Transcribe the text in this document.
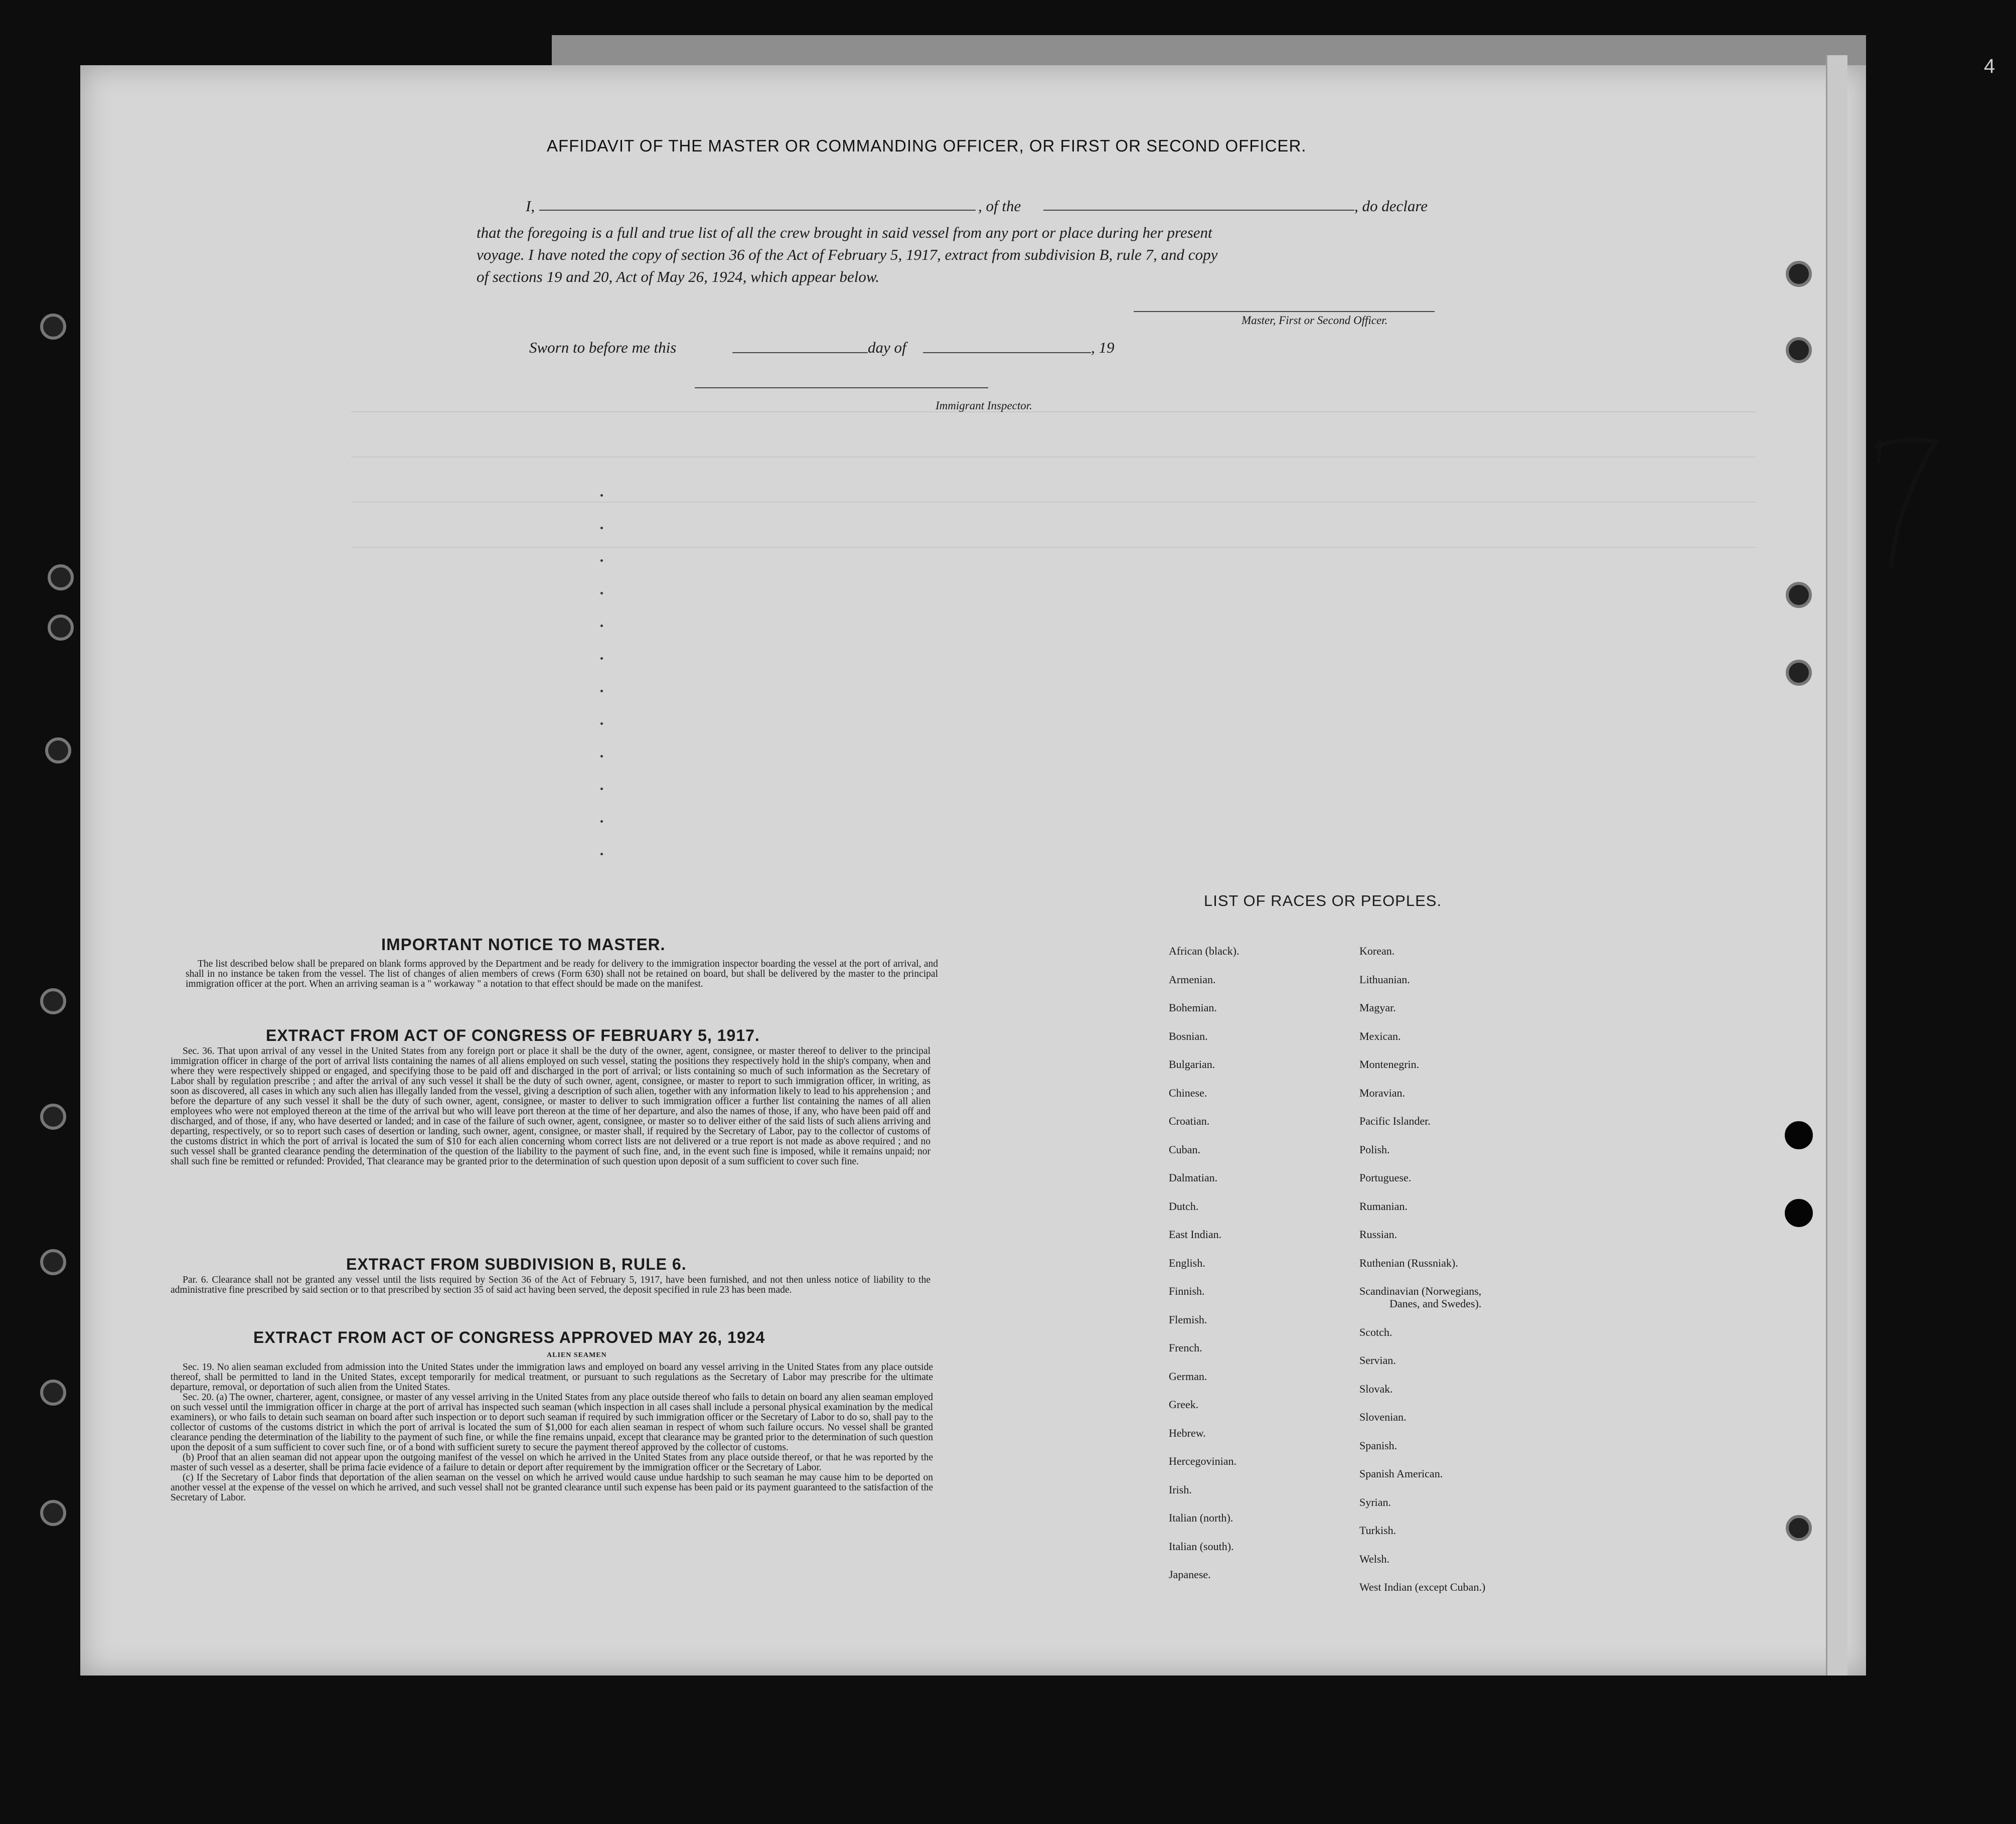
AFFIDAVIT OF THE MASTER OR COMMANDING OFFICER, OR FIRST OR SECOND OFFICER.
I,	, of the	, do declare
that the foregoing is a full and true list of all the crew brought in said vessel from any port or place during her present
voyage. I have noted the copy of section 36 of the Act of February 5, 1917, extract from subdivision B, rule 7, and copy
of sections 19 and 20, Act of May 26, 1924, which appear below.
Master, First or Second Officer.
Sworn to before me this	day of	, 19
Immigrant Inspector.
IMPORTANT NOTICE TO MASTER.

The list described below shall be prepared on blank forms approved by the Department and be ready for delivery to the immigration inspector boarding the vessel at the port of arrival, and shall in no instance be taken from the vessel. The list of changes of alien members of crews (Form 630) shall not be retained on board, but shall be delivered by the master to the principal immigration officer at the port. When an arriving seaman is a " workaway " a notation to that effect should be made on the manifest.

EXTRACT FROM ACT OF CONGRESS OF FEBRUARY 5, 1917.

Sec. 36. That upon arrival of any vessel in the United States from any foreign port or place it shall be the duty of the owner, agent, consignee, or master thereof to deliver to the principal immigration officer in charge of the port of arrival lists containing the names of all aliens employed on such vessel, stating the positions they respectively hold in the ship's company, when and where they were respectively shipped or engaged, and specifying those to be paid off and discharged in the port of arrival; or lists containing so much of such information as the Secretary of Labor shall by regulation prescribe ; and after the arrival of any such vessel it shall be the duty of such owner, agent, consignee, or master to report to such immigration officer, in writing, as soon as discovered, all cases in which any such alien has illegally landed from the vessel, giving a description of such alien, together with any information likely to lead to his apprehension ; and before the departure of any such vessel it shall be the duty of such owner, agent, consignee, or master to deliver to such immigration officer a further list containing the names of all alien employees who were not employed thereon at the time of the arrival but who will leave port thereon at the time of her departure, and also the names of those, if any, who have been paid off and discharged, and of those, if any, who have deserted or landed; and in case of the failure of such owner, agent, consignee, or master so to deliver either of the said lists of such aliens arriving and departing, respectively, or so to report such cases of desertion or landing, such owner, agent, consignee, or master shall, if required by the Secretary of Labor, pay to the collector of customs of the customs district in which the port of arrival is located the sum of $10 for each alien concerning whom correct lists are not delivered or a true report is not made as above required ; and no such vessel shall be granted clearance pending the determination of the question of the liability to the payment of such fine, and, in the event such fine is imposed, while it remains unpaid; nor shall such fine be remitted or refunded: Provided, That clearance may be granted prior to the determination of such question upon deposit of a sum sufficient to cover such fine.

EXTRACT FROM SUBDIVISION B, RULE 6.

Par. 6. Clearance shall not be granted any vessel until the lists required by Section 36 of the Act of February 5, 1917, have been furnished, and not then unless notice of liability to the administrative fine prescribed by said section or to that prescribed by section 35 of said act having been served, the deposit specified in rule 23 has been made.

EXTRACT FROM ACT OF CONGRESS APPROVED MAY 26, 1924
ALIEN SEAMEN

Sec. 19. No alien seaman excluded from admission into the United States under the immigration laws and employed on board any vessel arriving in the United States from any place outside thereof, shall be permitted to land in the United States, except temporarily for medical treatment, or pursuant to such regulations as the Secretary of Labor may prescribe for the ultimate departure, removal, or deportation of such alien from the United States.

Sec. 20. (a) The owner, charterer, agent, consignee, or master of any vessel arriving in the United States from any place outside thereof who fails to detain on board any alien seaman employed on such vessel until the immigration officer in charge at the port of arrival has inspected such seaman (which inspection in all cases shall include a personal physical examination by the medical examiners), or who fails to detain such seaman on board after such inspection or to deport such seaman if required by such immigration officer or the Secretary of Labor to do so, shall pay to the collector of customs of the customs district in which the port of arrival is located the sum of $1,000 for each alien seaman in respect of whom such failure occurs. No vessel shall be granted clearance pending the determination of the liability to the payment of such fine, or while the fine remains unpaid, except that clearance may be granted prior to the determination of such question upon the deposit of a sum sufficient to cover such fine, or of a bond with sufficient surety to secure the payment thereof approved by the collector of customs.

(b) Proof that an alien seaman did not appear upon the outgoing manifest of the vessel on which he arrived in the United States from any place outside thereof, or that he was reported by the master of such vessel as a deserter, shall be prima facie evidence of a failure to detain or deport after requirement by the immigration officer or the Secretary of Labor.

(c) If the Secretary of Labor finds that deportation of the alien seaman on the vessel on which he arrived would cause undue hardship to such seaman he may cause him to be deported on another vessel at the expense of the vessel on which he arrived, and such vessel shall not be granted clearance until such expense has been paid or its payment guaranteed to the satisfaction of the Secretary of Labor.

LIST OF RACES OR PEOPLES.
4
African (black).
Armenian.
Bohemian.
Bosnian.
Bulgarian.
Chinese.
Croatian.
Cuban.
Dalmatian.
Dutch.
East Indian.
English.
Finnish.
Flemish.
French.
German.
Greek.
Hebrew.
Hercegovinian.
Irish.
Italian (north).
Italian (south).
Japanese.
Korean.
Lithuanian.
Magyar.
Mexican.
Montenegrin.
Moravian.
Pacific Islander.
Polish.
Portuguese.
Rumanian.
Russian.
Ruthenian (Russniak).
Scandinavian (Norwegians,
Danes, and Swedes).
Scotch.
Servian.
Slovak.
Slovenian.
Spanish.
Spanish American.
Syrian.
Turkish.
Welsh.
West Indian (except Cuban.)
